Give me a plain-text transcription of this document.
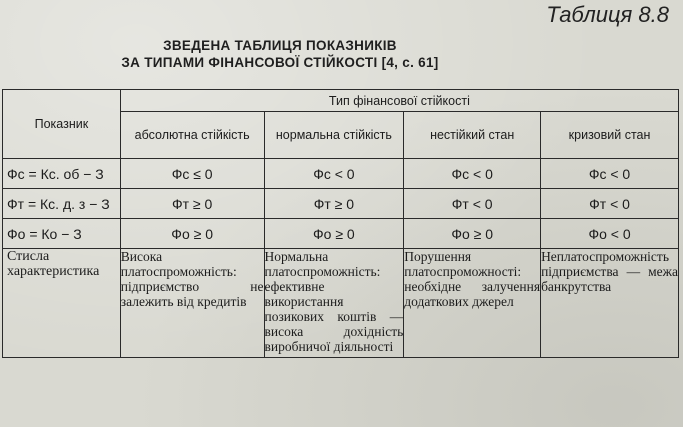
Таблиця 8.8
ЗВЕДЕНА ТАБЛИЦЯ ПОКАЗНИКІВ
ЗА ТИПАМИ ФІНАНСОВОЇ СТІЙКОСТІ [4, с. 61]
Показник	Тип фінансової стійкості			
	абсолютна стійкість	нормальна стійкість	нестійкий стан	кризовий стан
Фс = Кс. об − З	Фс ≤ 0	Фс < 0	Фс < 0	Фс < 0
Фт = Кс. д. з − З	Фт ≥ 0	Фт ≥ 0	Фт < 0	Фт < 0
Фо = Ко − З	Фо ≥ 0	Фо ≥ 0	Фо ≥ 0	Фо < 0
Стисла характеристика	Висока платоспроможність: підприємство не залежить від кредитів	Нормальна платоспроможність: ефективне використання позикових коштів — висока дохідність виробничої діяльності	Порушення платоспроможності: необхідне залучення додаткових джерел	Неплатоспроможність підприємства — межа банкрутства
